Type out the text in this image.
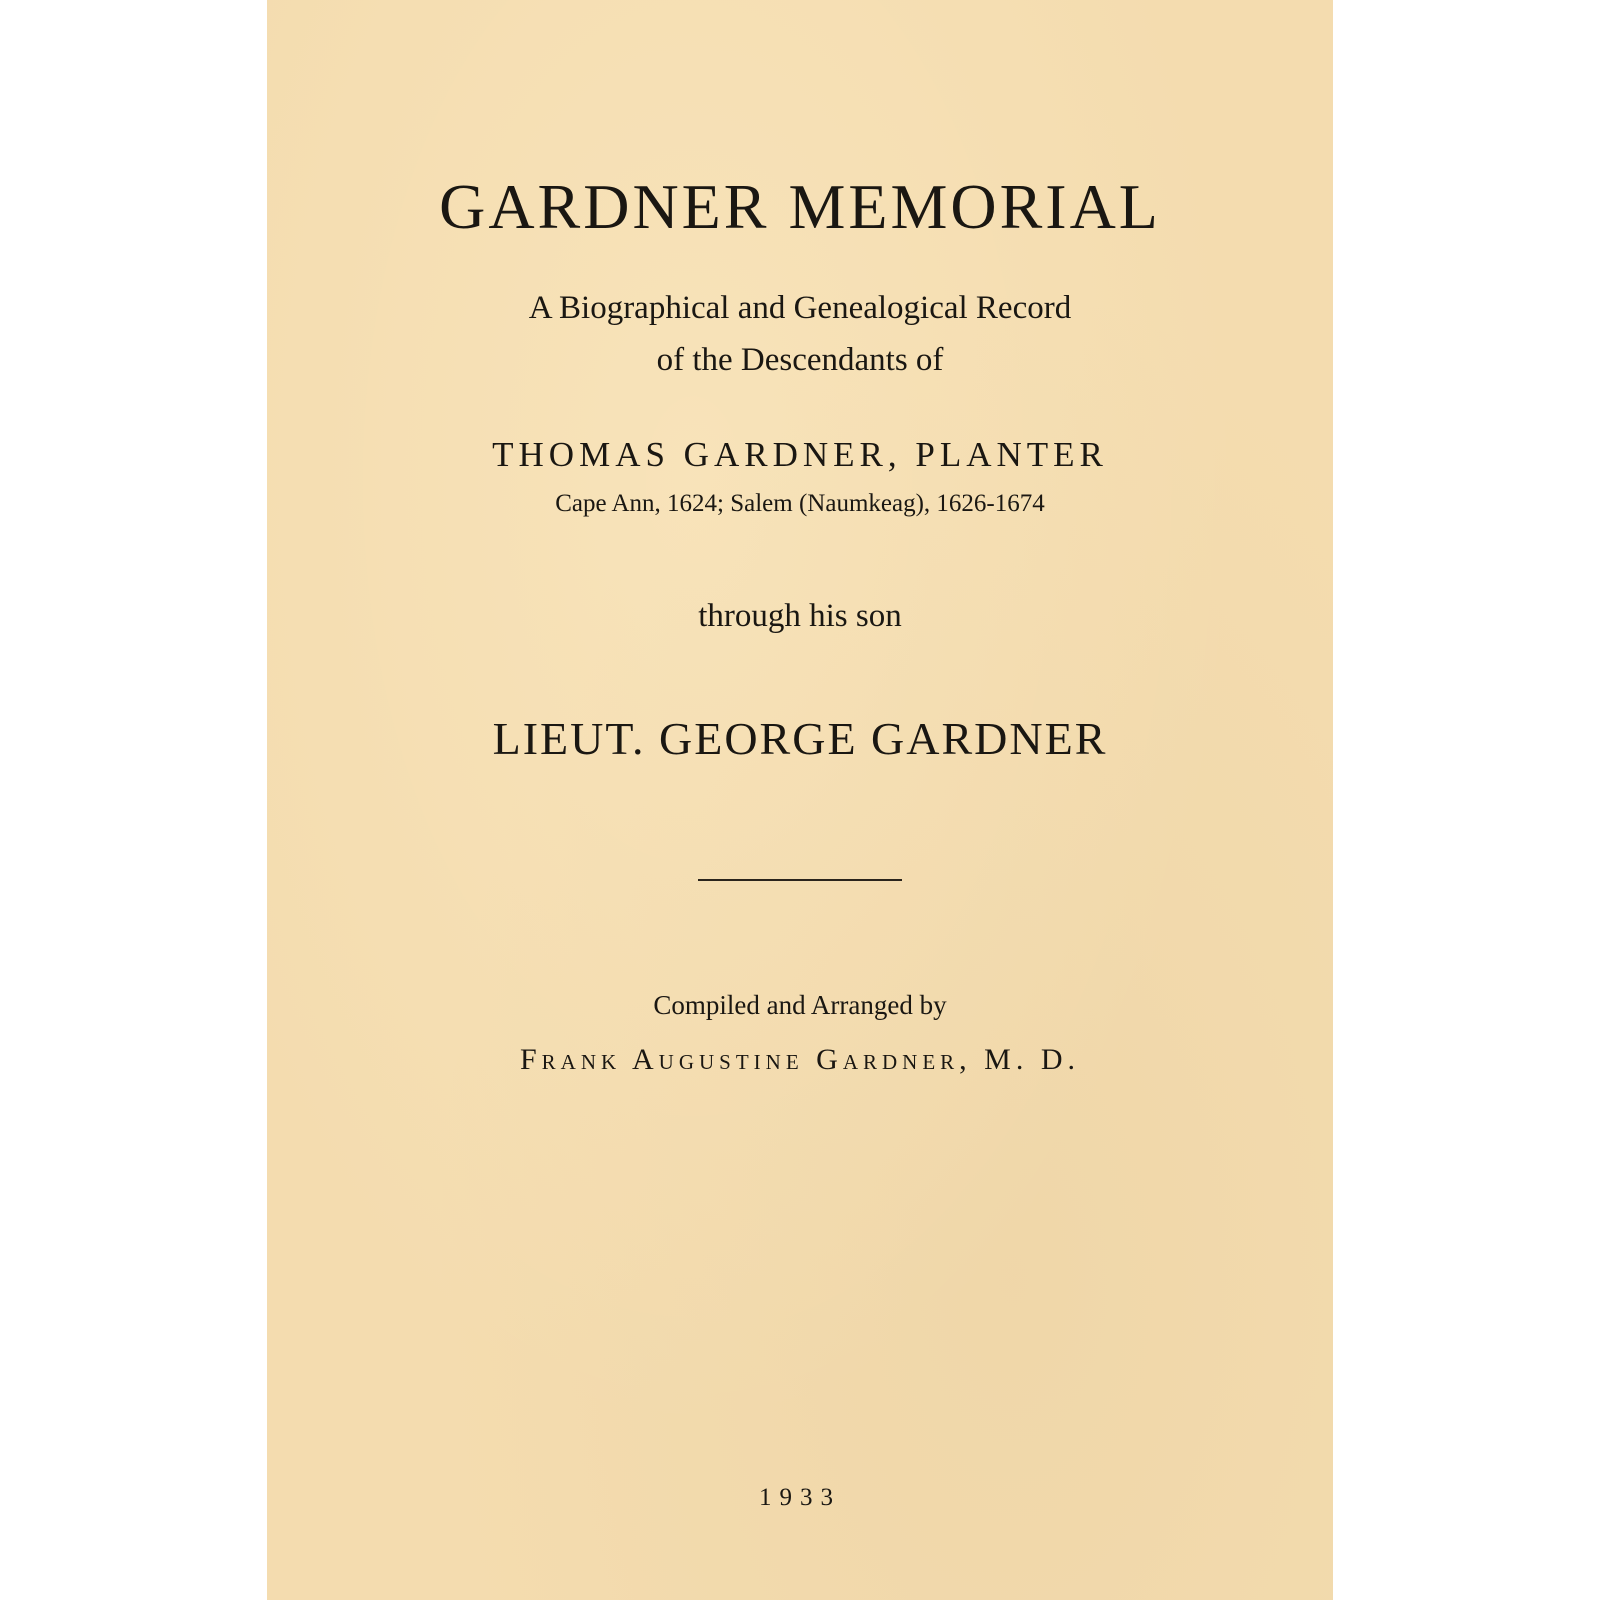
GARDNER MEMORIAL
A Biographical and Genealogical Record
of the Descendants of
THOMAS GARDNER, PLANTER
Cape Ann, 1624; Salem (Naumkeag), 1626-1674
through his son
LIEUT. GEORGE GARDNER
Compiled and Arranged by
Frank Augustine Gardner, M. D.
1933
